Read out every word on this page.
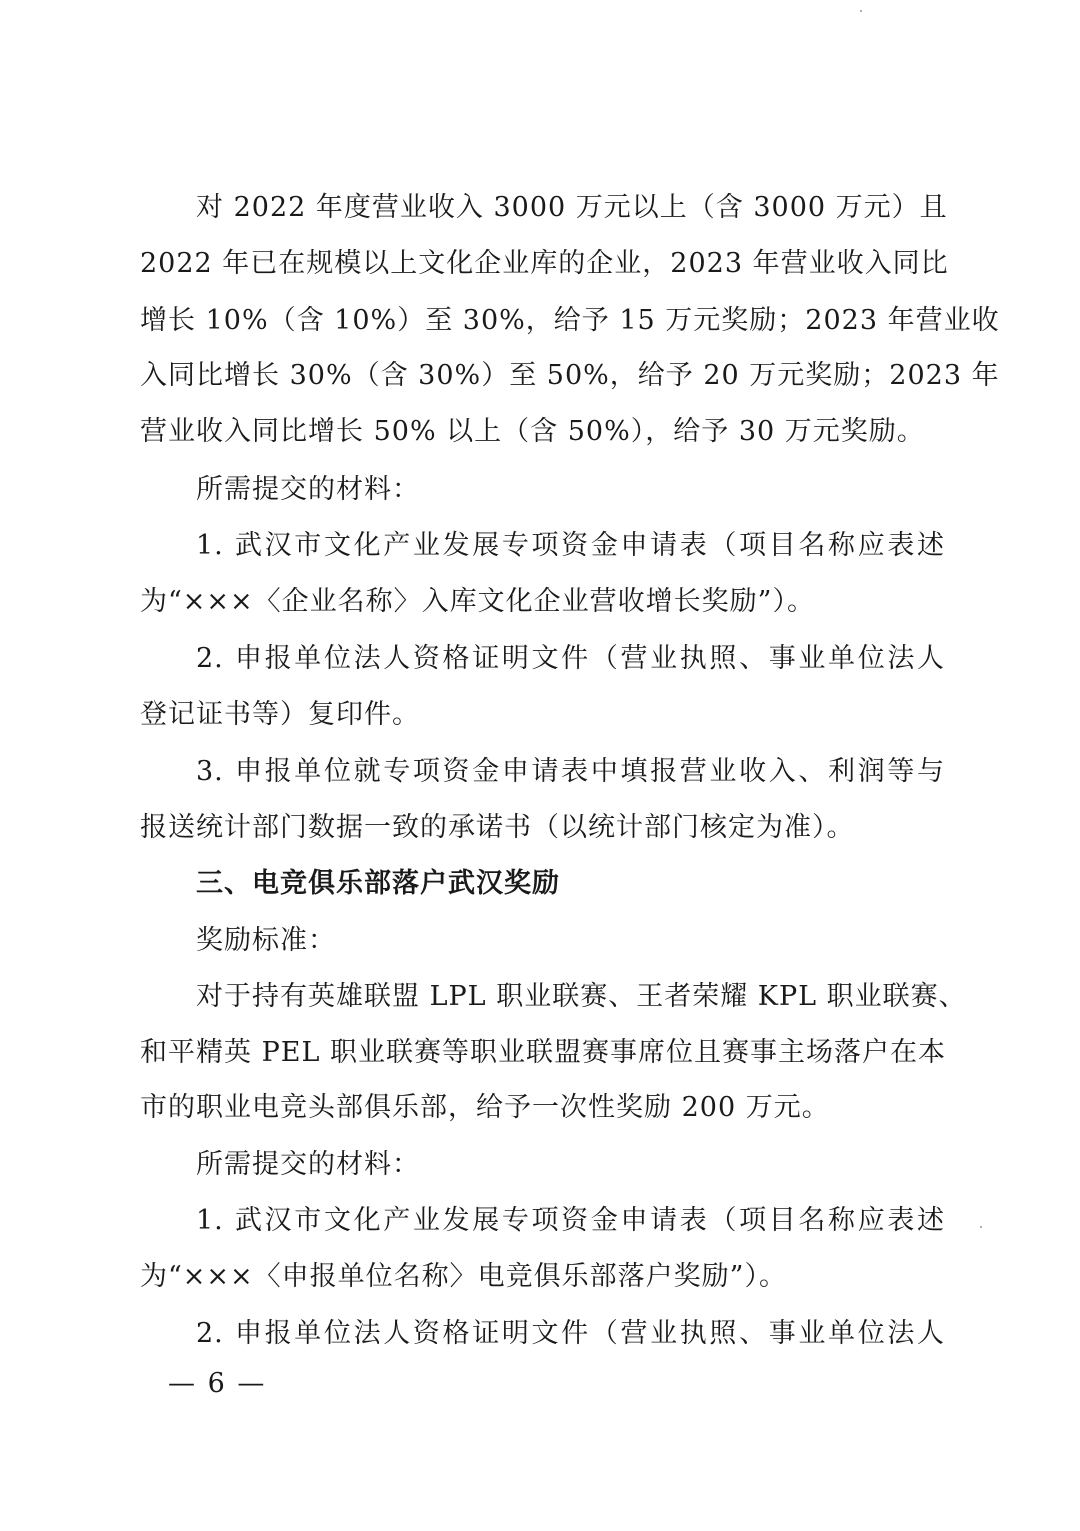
对 2022 年度营业收入 3000 万元以上（含 3000 万元）且
2022 年已在规模以上文化企业库的企业，2023 年营业收入同比
增长 10%（含 10%）至 30%，给予 15 万元奖励；2023 年营业收
入同比增长 30%（含 30%）至 50%，给予 20 万元奖励；2023 年
营业收入同比增长 50% 以上（含 50%），给予 30 万元奖励。
所需提交的材料：
1. 武汉市文化产业发展专项资金申请表（项目名称应表述
为“×××〈企业名称〉入库文化企业营收增长奖励”）。
2. 申报单位法人资格证明文件（营业执照、事业单位法人
登记证书等）复印件。
3. 申报单位就专项资金申请表中填报营业收入、利润等与
报送统计部门数据一致的承诺书（以统计部门核定为准）。
三、电竞俱乐部落户武汉奖励
奖励标准：
对于持有英雄联盟 LPL 职业联赛、王者荣耀 KPL 职业联赛、
和平精英 PEL 职业联赛等职业联盟赛事席位且赛事主场落户在本
市的职业电竞头部俱乐部，给予一次性奖励 200 万元。
所需提交的材料：
1. 武汉市文化产业发展专项资金申请表（项目名称应表述
为“×××〈申报单位名称〉电竞俱乐部落户奖励”）。
2. 申报单位法人资格证明文件（营业执照、事业单位法人
— 6 —
